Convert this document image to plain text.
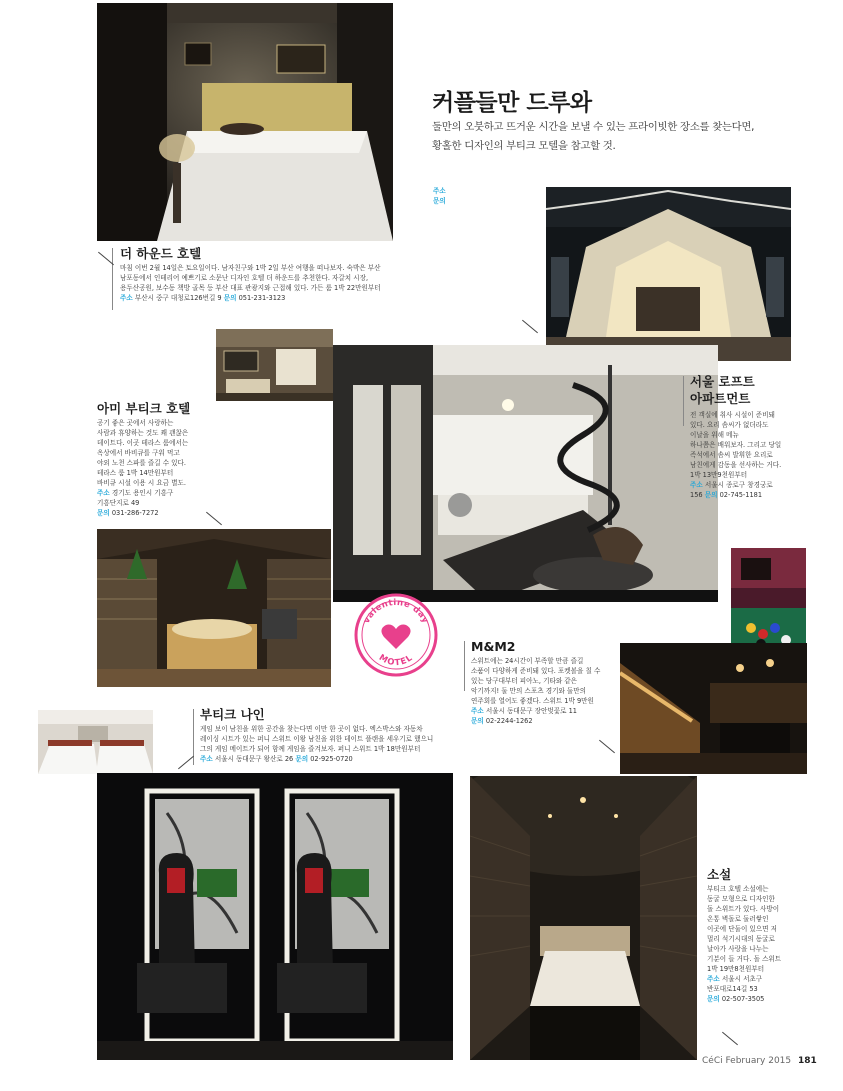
커플들만 드루와
둘만의 오붓하고 뜨거운 시간을 보낼 수 있는 프라이빗한 장소를 찾는다면,
황홀한 디자인의 부티크 모텔을 참고할 것.
더 하운드 호텔
마침 이번 2월 14일은 토요일이다. 남자친구와 1박 2일 부산 여행을 떠나보자. 숙박은 부산
남포동에서 인테리어 예쁘기로 소문난 디자인 호텔 더 하운드를 추천한다. 자갈치 시장,
용두산공원, 보수동 책방 골목 등 부산 대표 관광지와 근접해 있다. 가든 룸 1박 22만원부터
주소 부산시 중구 대청로126번길 9 문의 051-231-3123
주소
문의
아미 부티크 호텔
공기 좋은 곳에서 사랑하는
사람과 휴양하는 것도 꽤 괜찮은
데이트다. 이곳 테라스 룸에서는
옥상에서 바비큐를 구워 먹고
야외 노천 스파를 즐길 수 있다.
테라스 룸 1박 14만원부터
바비큐 시설 이용 시 요금 별도.
주소 경기도 용인시 기흥구
기흥단지로 49
문의 031-286-7272
서울 로프트
아파트먼트
전 객실에 취사 시설이 준비돼
있다. 요리 솜씨가 없더라도
이날을 위해 메뉴
하나쯤은 배워보자. 그리고 당일
즉석에서 솜씨 발휘한 요리로
남친에게 감동을 선사하는 거다.
1박 13만9천원부터
주소 서울시 종로구 창경궁로
156 문의 02-745-1181
valentine day
MOTEL
M&M2
스위트에는 24시간이 부족할 만큼 즐길
소품이 다양하게 준비돼 있다. 포켓볼을 칠 수
있는 당구대부터 피아노, 기타와 같은
악기까지! 둘 만의 스포츠 경기와 둘만의
연주회를 열어도 좋겠다. 스위트 1박 9만원
주소 서울시 동대문구 장안벚꽃로 11
문의 02-2244-1262
부티크 나인
게임 보이 남친을 위한 공간을 찾는다면 이만 한 곳이 없다. 엑스박스와 자동차
레이싱 시트가 있는 퍼니 스위트 이왕 남친을 위한 데이트 플랜을 세우기로 했으니
그의 게임 메이트가 되어 함께 게임을 즐겨보자. 퍼니 스위트 1박 18만원부터
주소 서울시 동대문구 왕산로 26 문의 02-925-0720
소설
부티크 호텔 소설에는
동굴 모형으로 디자인한
돌 스위트가 있다. 사방이
온통 벽돌로 둘러쌓인
이곳에 단둘이 있으면 저
멀리 석기시대의 동굴로
날아가 사랑을 나누는
기분이 들 거다. 돌 스위트
1박 19만8천원부터
주소 서울시 서초구
반포대로14길 53
문의 02-507-3505
CéCi February 2015 181
